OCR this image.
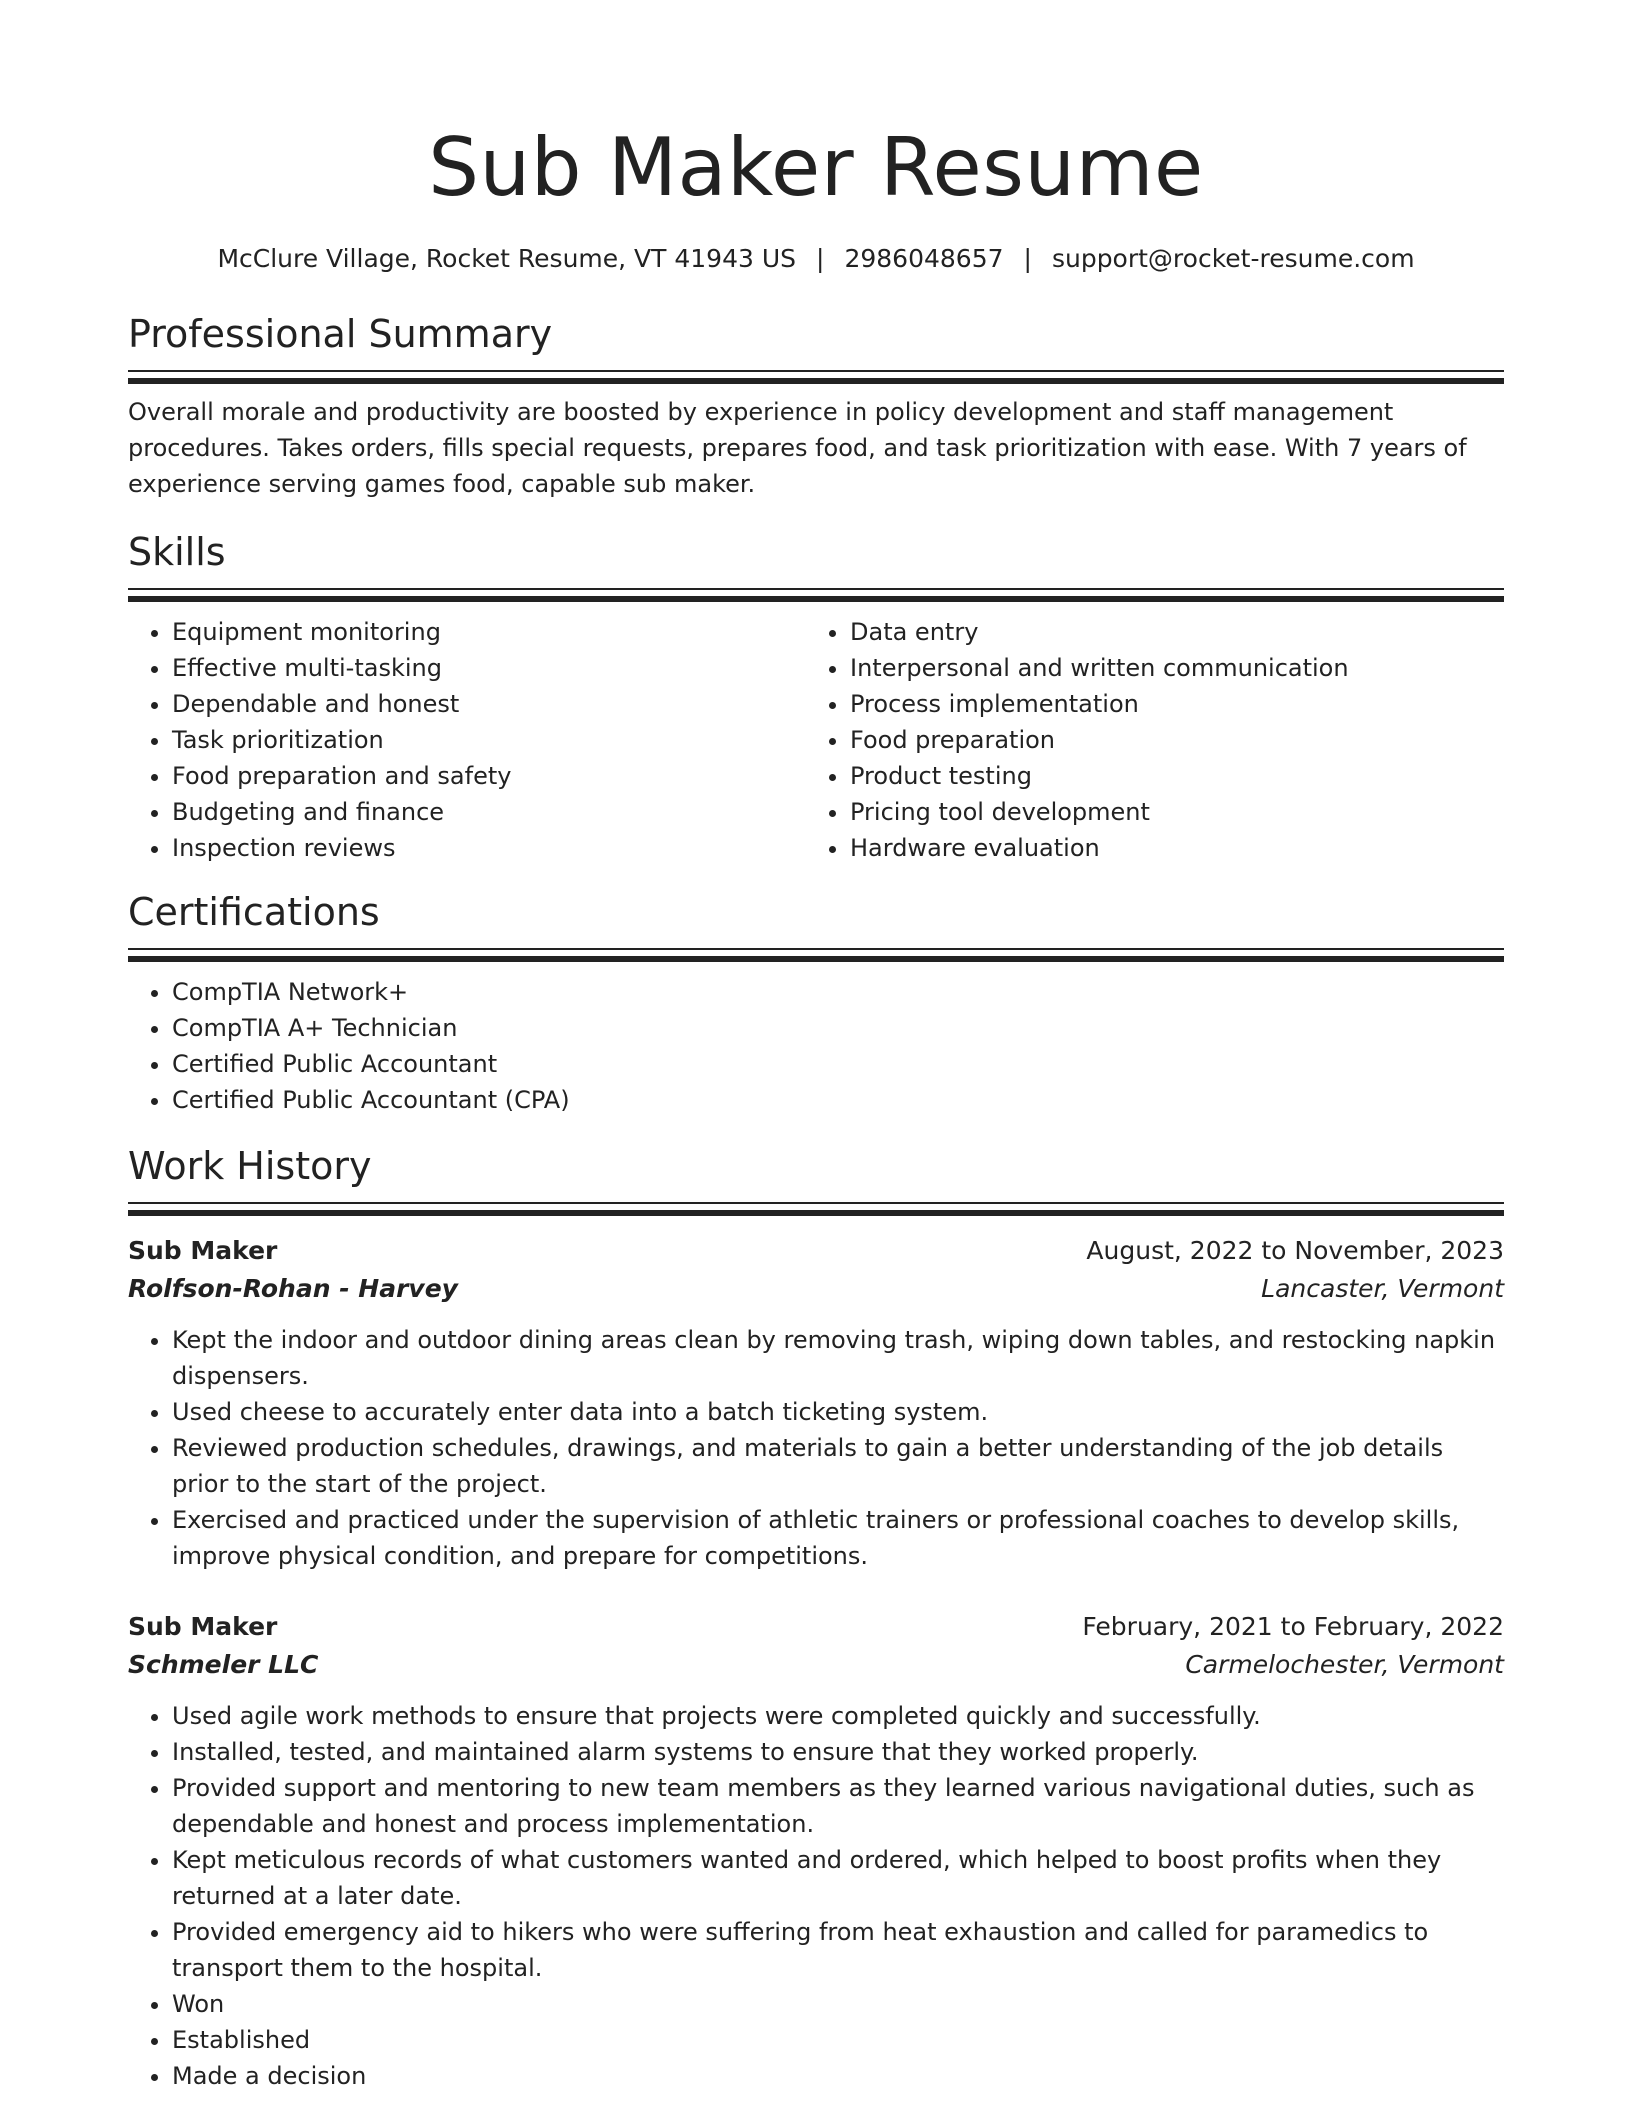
Sub Maker Resume
McClure Village, Rocket Resume, VT 41943 US | 2986048657 | support@rocket-resume.com
Professional Summary

Overall morale and productivity are boosted by experience in policy development and staff management procedures. Takes orders, fills special requests, prepares food, and task prioritization with ease. With 7 years of experience serving games food, capable sub maker.

Skills
• Equipment monitoring
• Effective multi-tasking
• Dependable and honest
• Task prioritization
• Food preparation and safety
• Budgeting and finance
• Inspection reviews
• Data entry
• Interpersonal and written communication
• Process implementation
• Food preparation
• Product testing
• Pricing tool development
• Hardware evaluation
Certifications
• CompTIA Network+
• CompTIA A+ Technician
• Certified Public Accountant
• Certified Public Accountant (CPA)
Work History
Sub Maker	August, 2022 to November, 2023
Rolfson-Rohan - Harvey	Lancaster, Vermont
• Kept the indoor and outdoor dining areas clean by removing trash, wiping down tables, and restocking napkin dispensers.
• Used cheese to accurately enter data into a batch ticketing system.
• Reviewed production schedules, drawings, and materials to gain a better understanding of the job details prior to the start of the project.
• Exercised and practiced under the supervision of athletic trainers or professional coaches to develop skills, improve physical condition, and prepare for competitions.
Sub Maker	February, 2021 to February, 2022
Schmeler LLC	Carmelochester, Vermont
• Used agile work methods to ensure that projects were completed quickly and successfully.
• Installed, tested, and maintained alarm systems to ensure that they worked properly.
• Provided support and mentoring to new team members as they learned various navigational duties, such as dependable and honest and process implementation.
• Kept meticulous records of what customers wanted and ordered, which helped to boost profits when they returned at a later date.
• Provided emergency aid to hikers who were suffering from heat exhaustion and called for paramedics to transport them to the hospital.
• Won
• Established
• Made a decision
